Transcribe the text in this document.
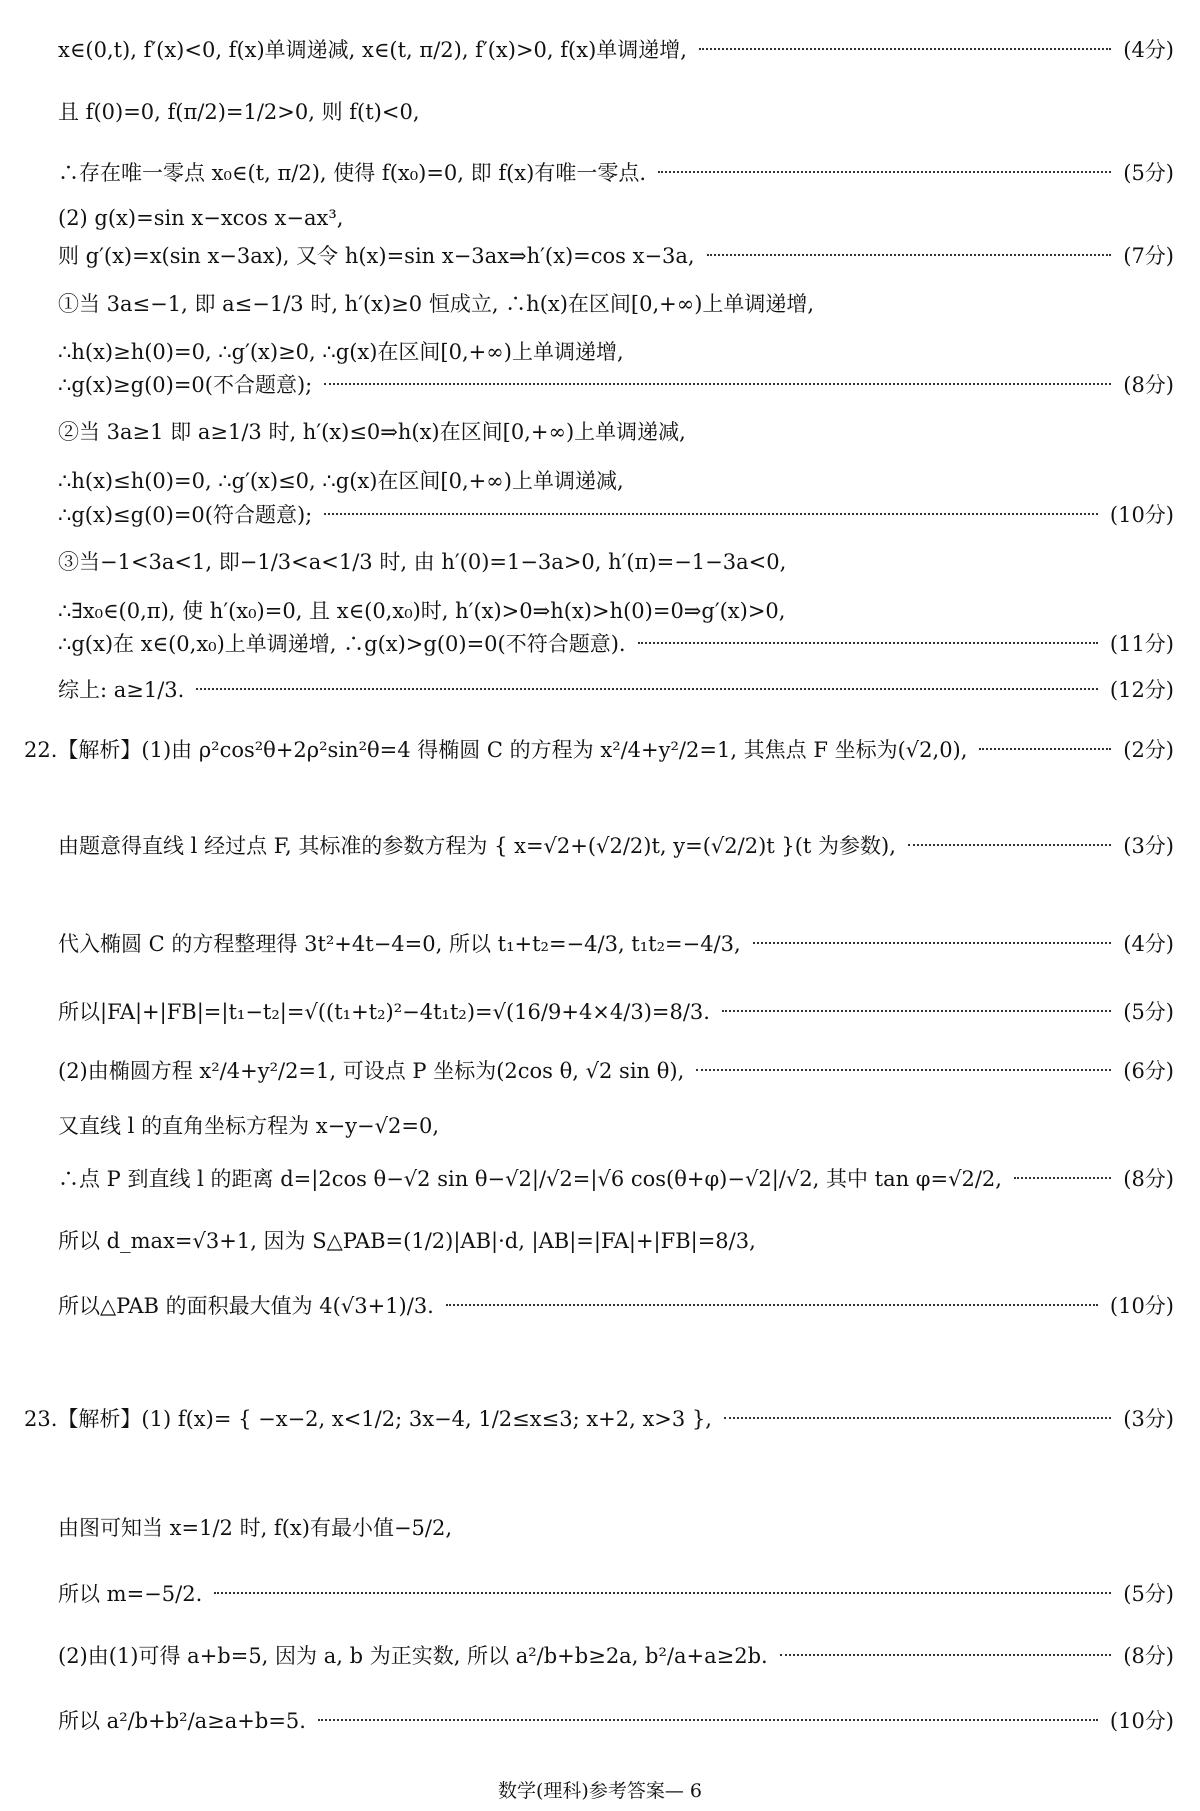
x∈(0,t), f′(x)<0, f(x)单调递减, x∈(t, π/2), f′(x)>0, f(x)单调递增,	(4分)
且 f(0)=0, f(π/2)=1/2>0, 则 f(t)<0,
∴存在唯一零点 x₀∈(t, π/2), 使得 f(x₀)=0, 即 f(x)有唯一零点.	(5分)
(2) g(x)=sin x−xcos x−ax³,
则 g′(x)=x(sin x−3ax), 又令 h(x)=sin x−3ax⇒h′(x)=cos x−3a,	(7分)
①当 3a≤−1, 即 a≤−1/3 时, h′(x)≥0 恒成立, ∴h(x)在区间[0,+∞)上单调递增,
∴h(x)≥h(0)=0, ∴g′(x)≥0, ∴g(x)在区间[0,+∞)上单调递增,
∴g(x)≥g(0)=0(不合题意);	(8分)
②当 3a≥1 即 a≥1/3 时, h′(x)≤0⇒h(x)在区间[0,+∞)上单调递减,
∴h(x)≤h(0)=0, ∴g′(x)≤0, ∴g(x)在区间[0,+∞)上单调递减,
∴g(x)≤g(0)=0(符合题意);	(10分)
③当−1<3a<1, 即−1/3<a<1/3 时, 由 h′(0)=1−3a>0, h′(π)=−1−3a<0,
∴∃x₀∈(0,π), 使 h′(x₀)=0, 且 x∈(0,x₀)时, h′(x)>0⇒h(x)>h(0)=0⇒g′(x)>0,
∴g(x)在 x∈(0,x₀)上单调递增, ∴g(x)>g(0)=0(不符合题意).	(11分)
综上: a≥1/3.	(12分)
22.【解析】(1)由 ρ²cos²θ+2ρ²sin²θ=4 得椭圆 C 的方程为 x²/4+y²/2=1, 其焦点 F 坐标为(√2,0),	(2分)
由题意得直线 l 经过点 F, 其标准的参数方程为 { x=√2+(√2/2)t, y=(√2/2)t }(t 为参数),	(3分)
代入椭圆 C 的方程整理得 3t²+4t−4=0, 所以 t₁+t₂=−4/3, t₁t₂=−4/3,	(4分)
所以|FA|+|FB|=|t₁−t₂|=√((t₁+t₂)²−4t₁t₂)=√(16/9+4×4/3)=8/3.	(5分)
(2)由椭圆方程 x²/4+y²/2=1, 可设点 P 坐标为(2cos θ, √2 sin θ),	(6分)
又直线 l 的直角坐标方程为 x−y−√2=0,
∴点 P 到直线 l 的距离 d=|2cos θ−√2 sin θ−√2|/√2=|√6 cos(θ+φ)−√2|/√2, 其中 tan φ=√2/2,	(8分)
所以 d_max=√3+1, 因为 S△PAB=(1/2)|AB|·d, |AB|=|FA|+|FB|=8/3,
所以△PAB 的面积最大值为 4(√3+1)/3.	(10分)
23.【解析】(1) f(x)= { −x−2, x<1/2; 3x−4, 1/2≤x≤3; x+2, x>3 },	(3分)
由图可知当 x=1/2 时, f(x)有最小值−5/2,
所以 m=−5/2.	(5分)
(2)由(1)可得 a+b=5, 因为 a, b 为正实数, 所以 a²/b+b≥2a, b²/a+a≥2b.	(8分)
所以 a²/b+b²/a≥a+b=5.	(10分)
数学(理科)参考答案— 6
